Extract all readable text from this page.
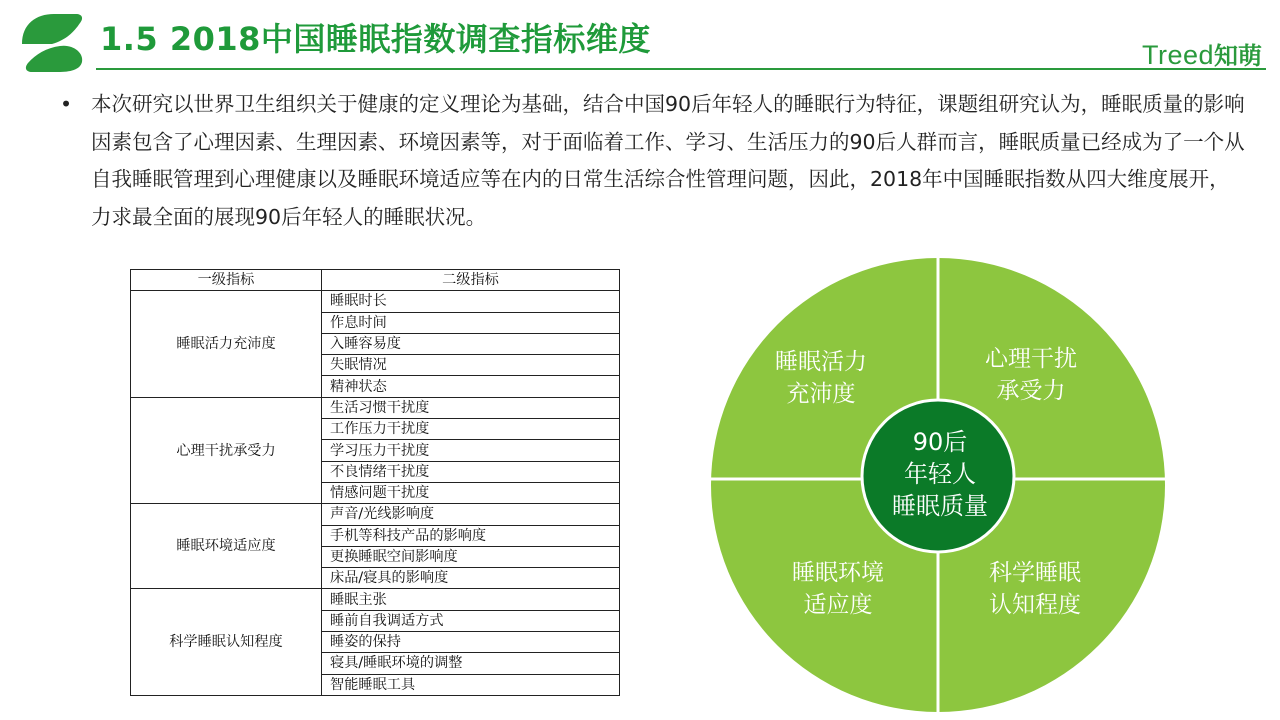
1.5 2018中国睡眠指数调查指标维度	Treed知萌
• 本次研究以世界卫生组织关于健康的定义理论为基础，结合中国90后年轻人的睡眠行为特征，课题组研究认为，睡眠质量的影响因素包含了心理因素、生理因素、环境因素等，对于面临着工作、学习、生活压力的90后人群而言，睡眠质量已经成为了一个从自我睡眠管理到心理健康以及睡眠环境适应等在内的日常生活综合性管理问题，因此，2018年中国睡眠指数从四大维度展开，力求最全面的展现90后年轻人的睡眠状况。
一级指标	二级指标
睡眠活力充沛度	睡眠时长
	作息时间
	入睡容易度
	失眠情况
	精神状态
心理干扰承受力	生活习惯干扰度
	工作压力干扰度
	学习压力干扰度
	不良情绪干扰度
	情感问题干扰度
睡眠环境适应度	声音/光线影响度
	手机等科技产品的影响度
	更换睡眠空间影响度
	床品/寝具的影响度
科学睡眠认知程度	睡眠主张
	睡前自我调适方式
	睡姿的保持
	寝具/睡眠环境的调整
	智能睡眠工具
睡眠活力
充沛度
心理干扰
承受力
睡眠环境
适应度
科学睡眠
认知程度
90后
年轻人
睡眠质量
